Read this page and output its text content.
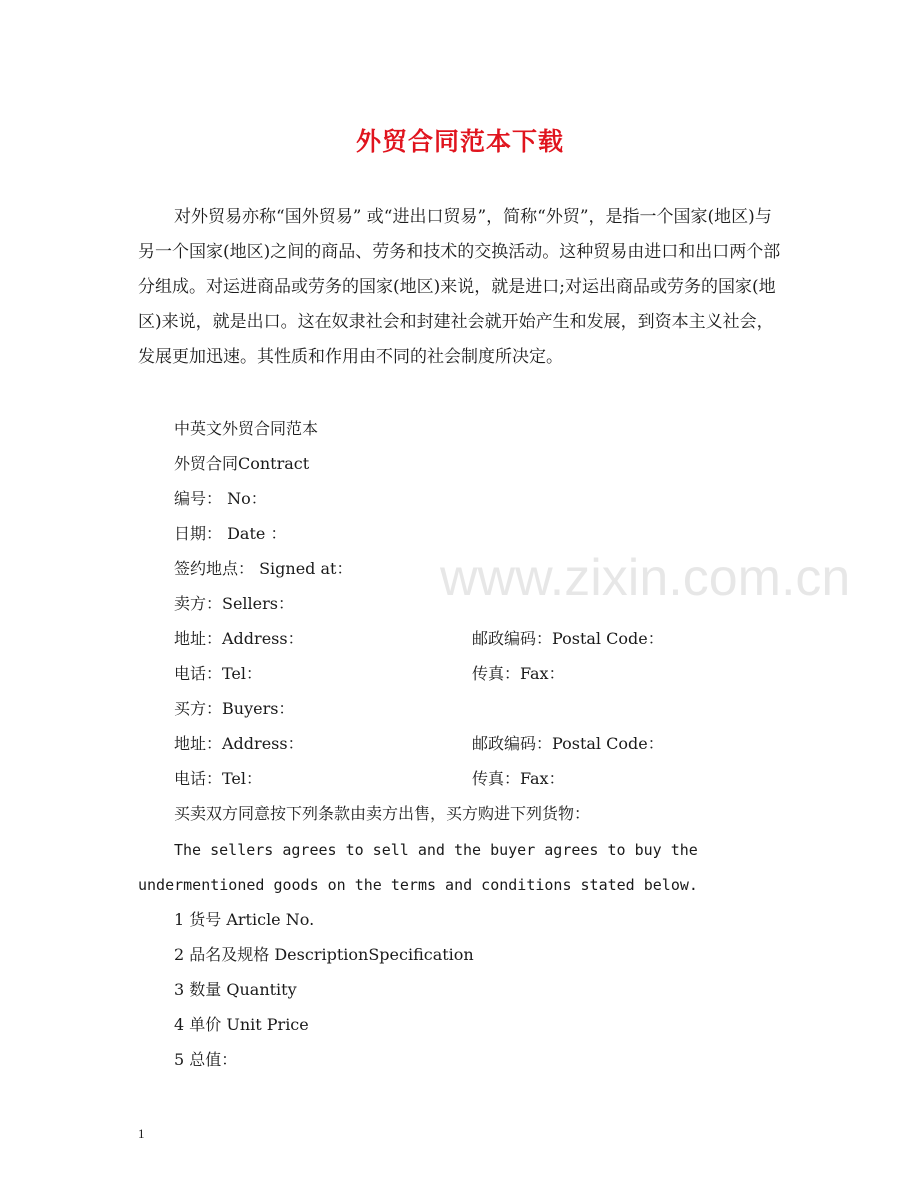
www.zixin.com.cn
外贸合同范本下载

对外贸易亦称“国外贸易” 或“进出口贸易”，简称“外贸”，是指一个国家(地区)与另一个国家(地区)之间的商品、劳务和技术的交换活动。这种贸易由进口和出口两个部分组成。对运进商品或劳务的国家(地区)来说，就是进口;对运出商品或劳务的国家(地区)来说，就是出口。这在奴隶社会和封建社会就开始产生和发展，到资本主义社会，发展更加迅速。其性质和作用由不同的社会制度所决定。

中英文外贸合同范本
外贸合同Contract
编号： No：
日期： Date ：
签约地点： Signed at：
卖方：Sellers：
地址：Address：	邮政编码：Postal Code：
电话：Tel：	传真：Fax：
买方：Buyers：
地址：Address：	邮政编码：Postal Code：
电话：Tel：	传真：Fax：
买卖双方同意按下列条款由卖方出售，买方购进下列货物：
The sellers agrees to sell and the buyer agrees to buy the
undermentioned goods on the terms and conditions stated below.
1 货号 Article No.
2 品名及规格 DescriptionSpecification
3 数量 Quantity
4 单价 Unit Price
5 总值：
1
